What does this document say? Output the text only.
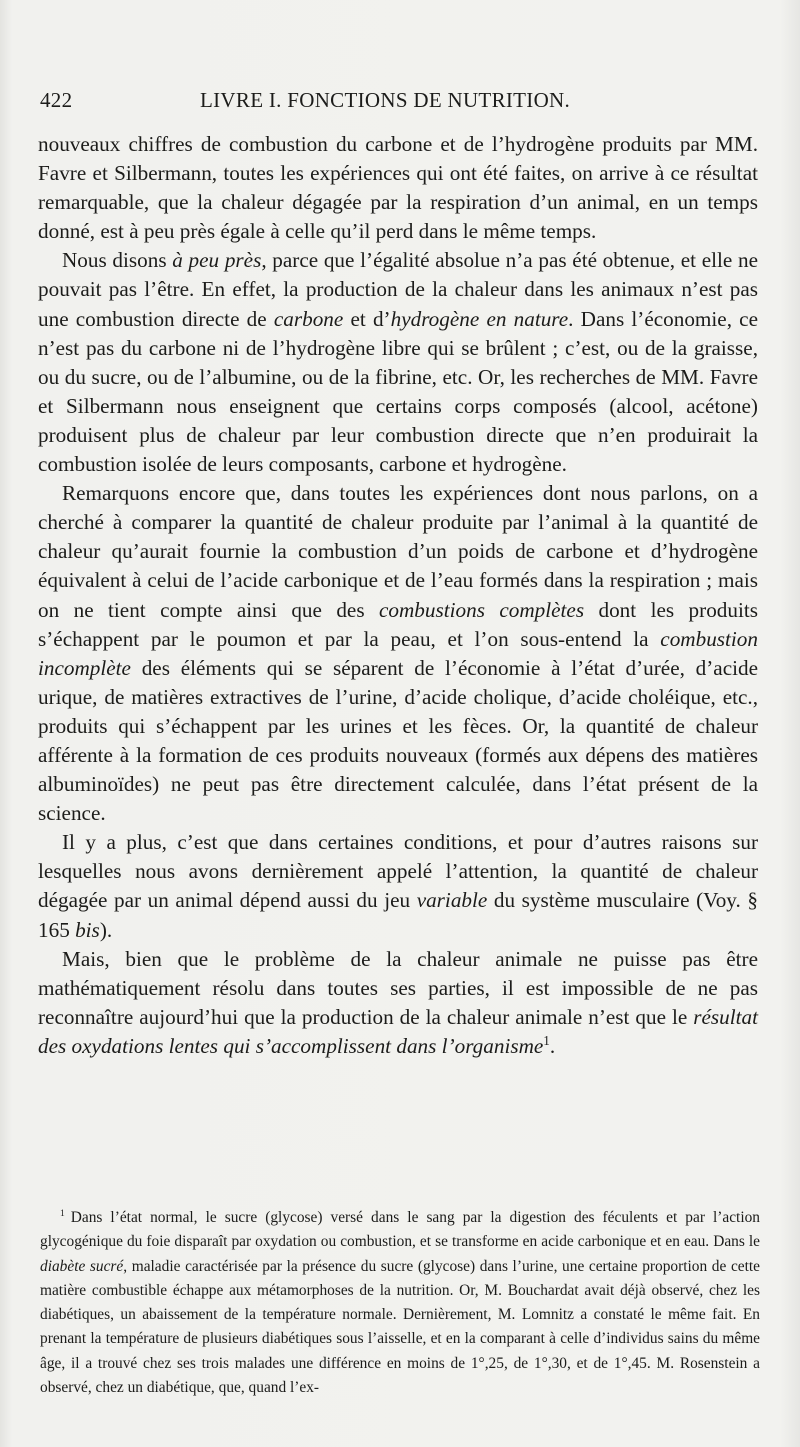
422	LIVRE I. FONCTIONS DE NUTRITION.

nouveaux chiffres de combustion du carbone et de l’hydrogène produits par MM. Favre et Silbermann, toutes les expériences qui ont été faites, on arrive à ce résultat remarquable, que la chaleur dégagée par la respiration d’un animal, en un temps donné, est à peu près égale à celle qu’il perd dans le même temps.

Nous disons à peu près, parce que l’égalité absolue n’a pas été obtenue, et elle ne pouvait pas l’être. En effet, la production de la chaleur dans les animaux n’est pas une combustion directe de carbone et d’hydrogène en nature. Dans l’économie, ce n’est pas du carbone ni de l’hydrogène libre qui se brûlent ; c’est, ou de la graisse, ou du sucre, ou de l’albumine, ou de la fibrine, etc. Or, les recherches de MM. Favre et Silbermann nous enseignent que certains corps composés (alcool, acétone) produisent plus de chaleur par leur combustion directe que n’en produirait la combustion isolée de leurs composants, carbone et hydrogène.

Remarquons encore que, dans toutes les expériences dont nous parlons, on a cherché à comparer la quantité de chaleur produite par l’animal à la quantité de chaleur qu’aurait fournie la combustion d’un poids de carbone et d’hydrogène équivalent à celui de l’acide carbonique et de l’eau formés dans la respiration ; mais on ne tient compte ainsi que des combustions complètes dont les produits s’échappent par le poumon et par la peau, et l’on sous-entend la combustion incomplète des éléments qui se séparent de l’économie à l’état d’urée, d’acide urique, de matières extractives de l’urine, d’acide cholique, d’acide choléique, etc., produits qui s’échappent par les urines et les fèces. Or, la quantité de chaleur afférente à la formation de ces produits nouveaux (formés aux dépens des matières albuminoïdes) ne peut pas être directement calculée, dans l’état présent de la science.

Il y a plus, c’est que dans certaines conditions, et pour d’autres raisons sur lesquelles nous avons dernièrement appelé l’attention, la quantité de chaleur dégagée par un animal dépend aussi du jeu variable du système musculaire (Voy. § 165 bis).

Mais, bien que le problème de la chaleur animale ne puisse pas être mathématiquement résolu dans toutes ses parties, il est impossible de ne pas reconnaître aujourd’hui que la production de la chaleur animale n’est que le résultat des oxydations lentes qui s’accomplissent dans l’organisme$^1$.

$^1$ Dans l’état normal, le sucre (glycose) versé dans le sang par la digestion des féculents et par l’action glycogénique du foie disparaît par oxydation ou combustion, et se transforme en acide carbonique et en eau. Dans le diabète sucré, maladie caractérisée par la présence du sucre (glycose) dans l’urine, une certaine proportion de cette matière combustible échappe aux métamorphoses de la nutrition. Or, M. Bouchardat avait déjà observé, chez les diabétiques, un abaissement de la température normale. Dernièrement, M. Lomnitz a constaté le même fait. En prenant la température de plusieurs diabétiques sous l’aisselle, et en la comparant à celle d’individus sains du même âge, il a trouvé chez ses trois malades une différence en moins de 1°,25, de 1°,30, et de 1°,45. M. Rosenstein a observé, chez un diabétique, que, quand l’ex-
